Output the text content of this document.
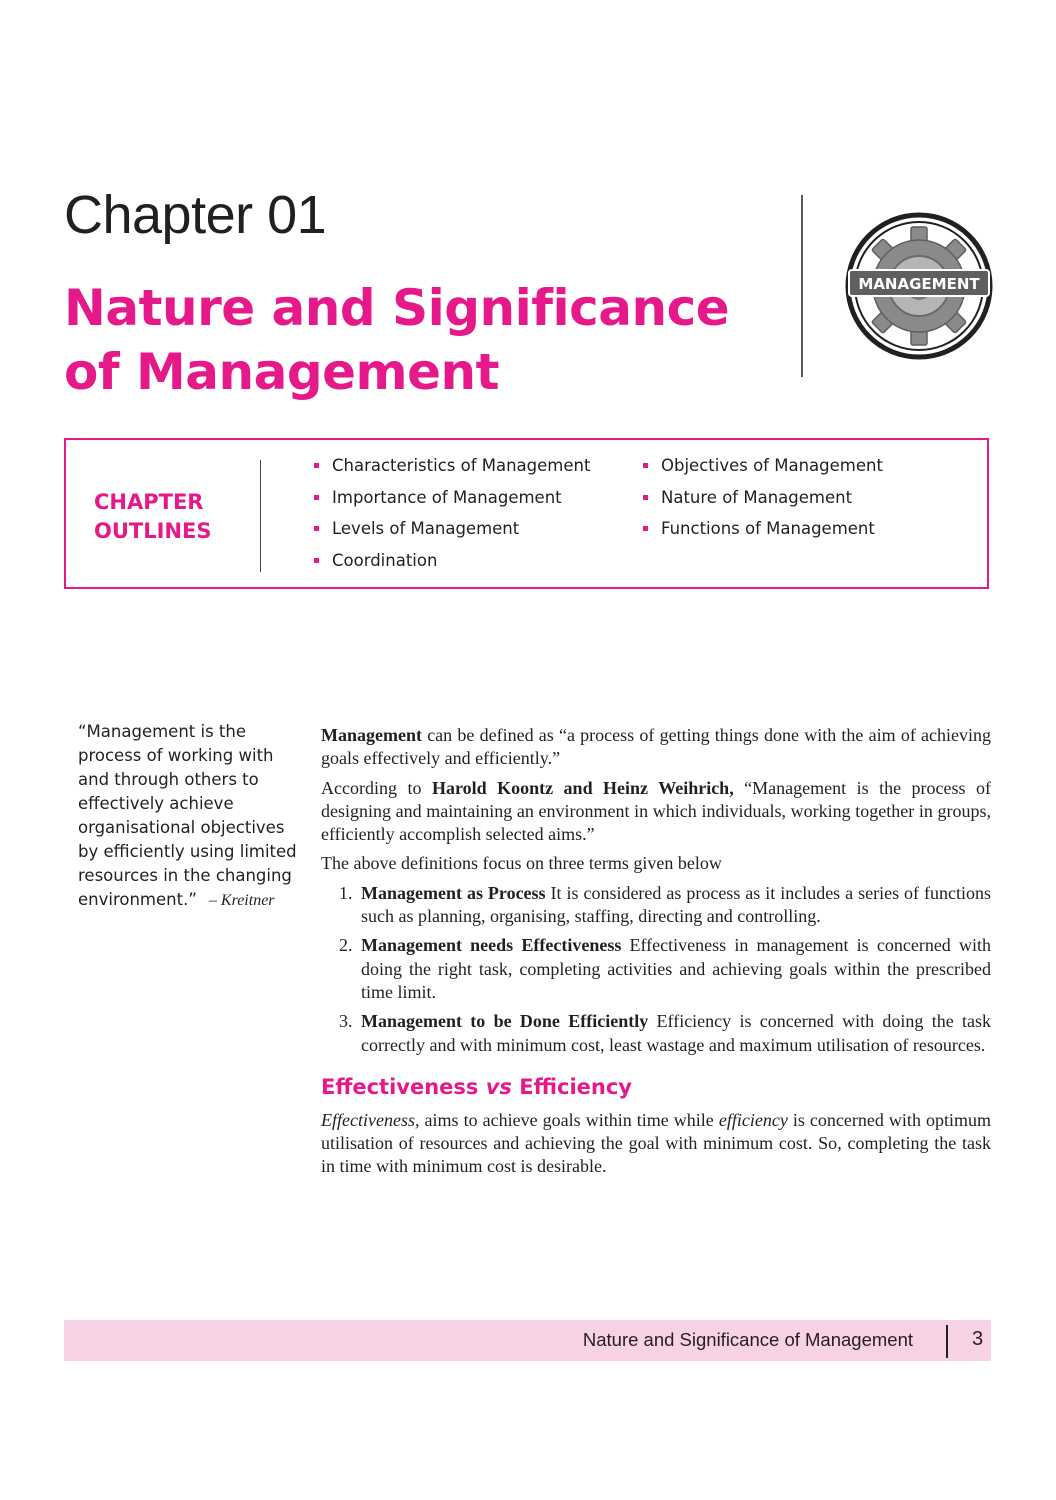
Chapter 01
Nature and Significance
of Management
MANAGEMENT
CHAPTER
OUTLINES
Characteristics of Management
Importance of Management
Levels of Management
Coordination
Objectives of Management
Nature of Management
Functions of Management

“Management is the process of working with and through others to effectively achieve organisational objectives by efficiently using limited resources in the changing environment.” – Kreitner

Management can be defined as “a process of getting things done with the aim of achieving goals effectively and efficiently.”

According to Harold Koontz and Heinz Weihrich, “Management is the process of designing and maintaining an environment in which individuals, working together in groups, efficiently accomplish selected aims.”

The above definitions focus on three terms given below

1. Management as Process It is considered as process as it includes a series of functions such as planning, organising, staffing, directing and controlling.
2. Management needs Effectiveness Effectiveness in management is concerned with doing the right task, completing activities and achieving goals within the prescribed time limit.
3. Management to be Done Efficiently Efficiency is concerned with doing the task correctly and with minimum cost, least wastage and maximum utilisation of resources.
Effectiveness vs Efficiency

Effectiveness, aims to achieve goals within time while efficiency is concerned with optimum utilisation of resources and achieving the goal with minimum cost. So, completing the task in time with minimum cost is desirable.

Nature and Significance of Management	3
